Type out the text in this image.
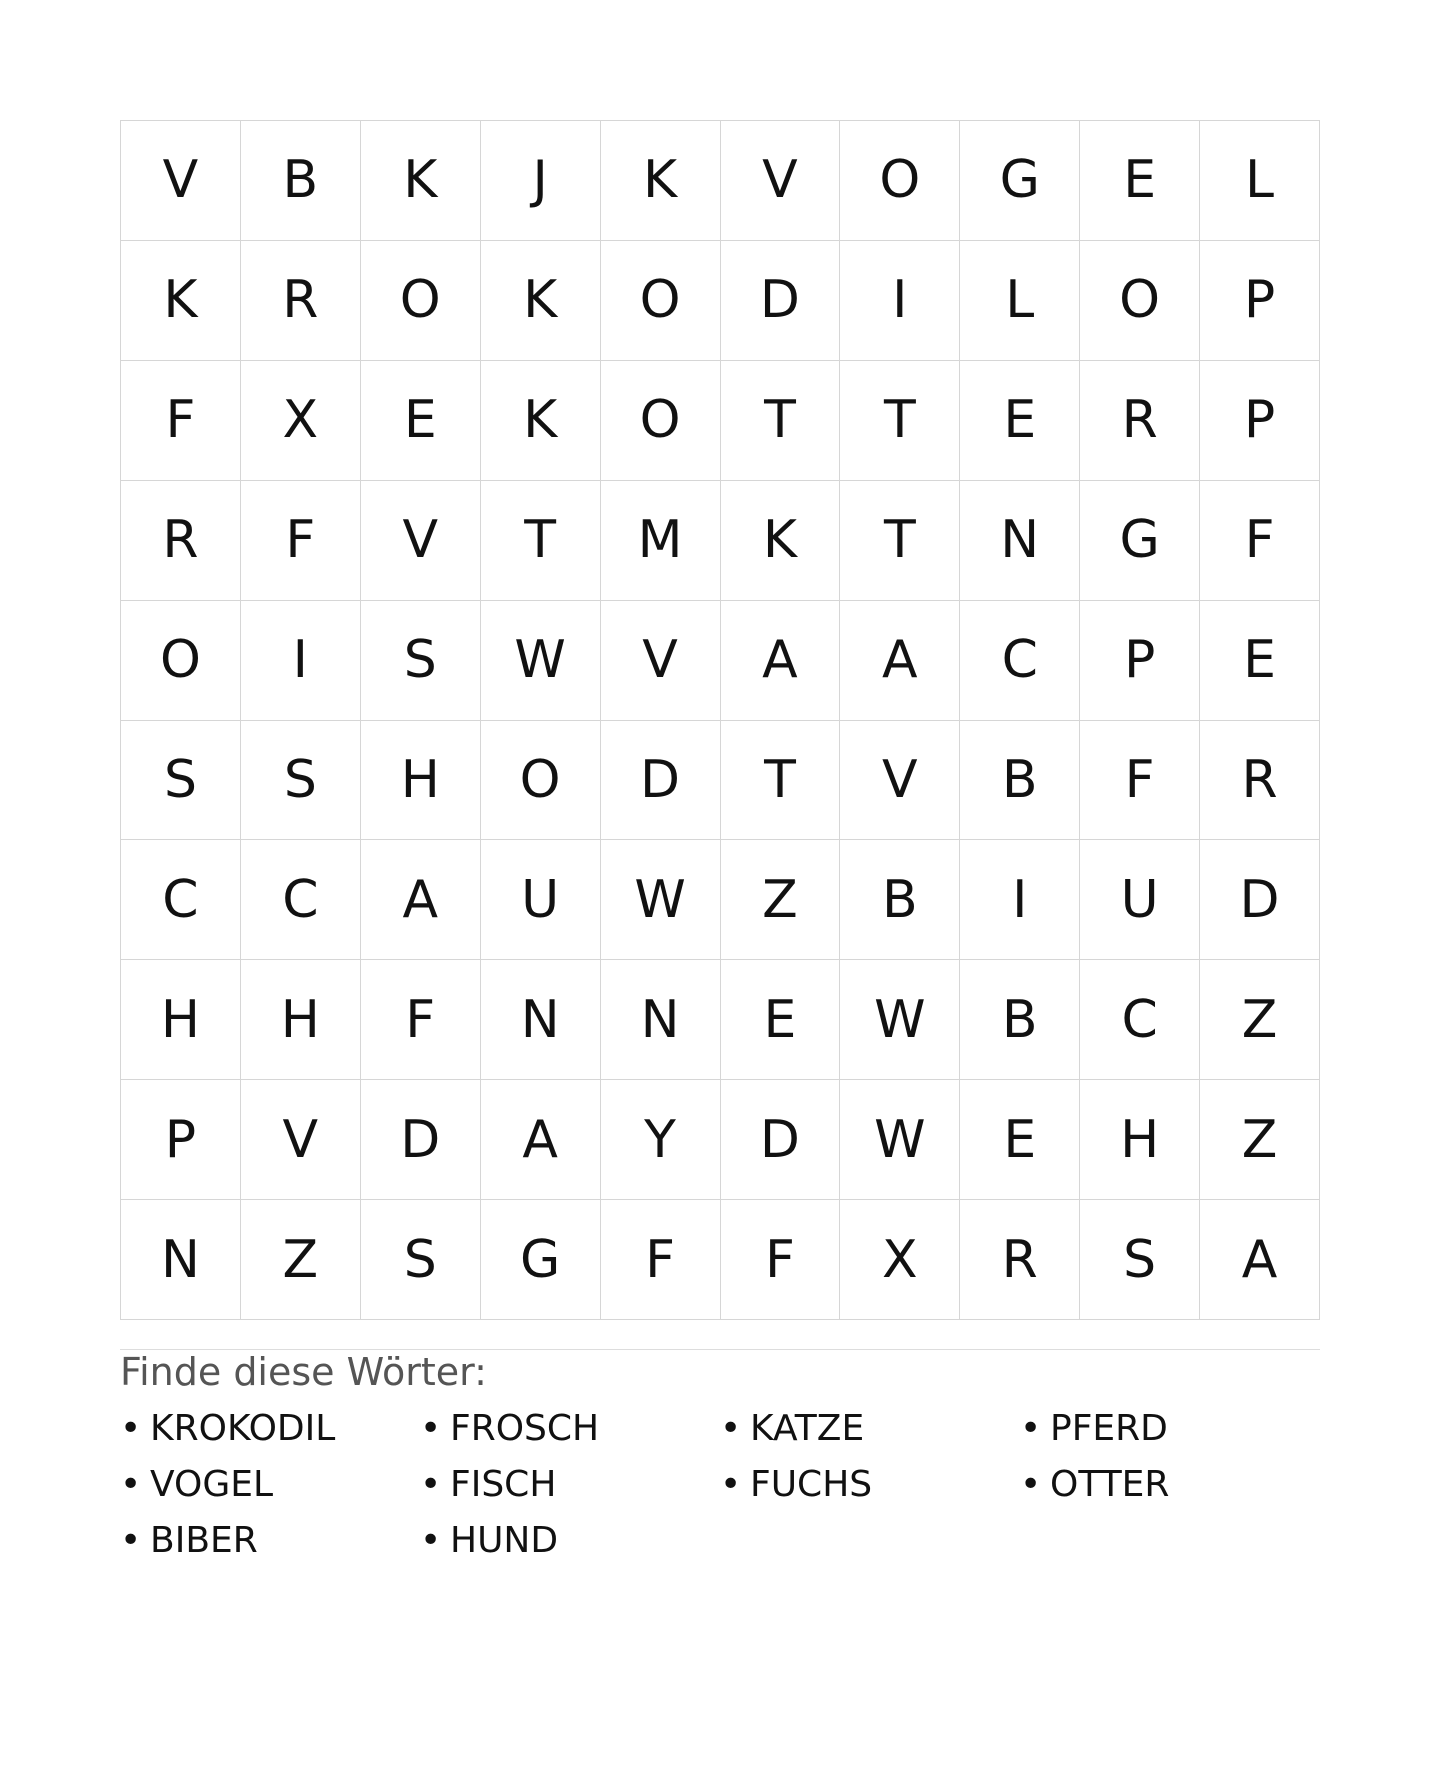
V	B	K	J	K	V	O	G	E	L
K	R	O	K	O	D	I	L	O	P
F	X	E	K	O	T	T	E	R	P
R	F	V	T	M	K	T	N	G	F
O	I	S	W	V	A	A	C	P	E
S	S	H	O	D	T	V	B	F	R
C	C	A	U	W	Z	B	I	U	D
H	H	F	N	N	E	W	B	C	Z
P	V	D	A	Y	D	W	E	H	Z
N	Z	S	G	F	F	X	R	S	A
Finde diese Wörter:
• KROKODIL	• FROSCH	• KATZE	• PFERD
• VOGEL	• FISCH	• FUCHS	• OTTER
• BIBER	• HUND
